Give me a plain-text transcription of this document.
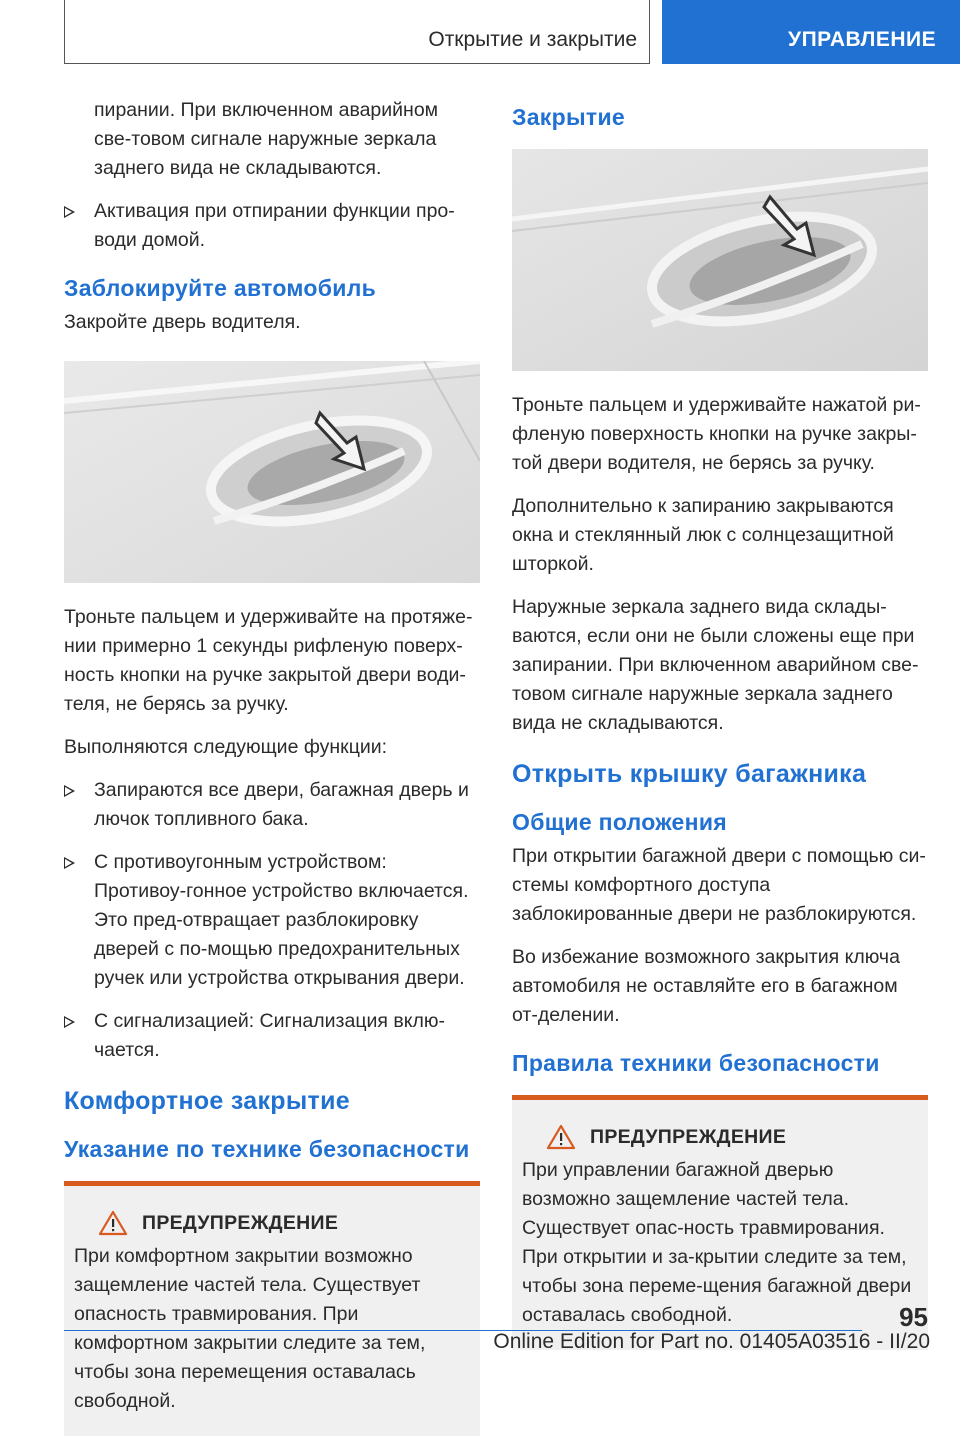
Открытие и закрытие	УПРАВЛЕНИЕ

пирании. При включенном аварийном све-товом сигнале наружные зеркала заднего вида не складываются.

Активация при отпирании функции про-води домой.
Заблокируйте автомобиль

Закройте дверь водителя.

Троньте пальцем и удерживайте на протяже-нии примерно 1 секунды рифленую поверх-ность кнопки на ручке закрытой двери води-теля, не берясь за ручку.

Выполняются следующие функции:

Запираются все двери, багажная дверь и лючок топливного бака.
С противоугонным устройством: Противоу-гонное устройство включается. Это пред-отвращает разблокировку дверей с по-мощью предохранительных ручек или устройства открывания двери.
С сигнализацией: Сигнализация вклю-чается.
Комфортное закрытие
Указание по технике безопасности
ПРЕДУПРЕЖДЕНИЕ

При комфортном закрытии возможно защемление частей тела. Существует опасность травмирования. При комфортном закрытии следите за тем, чтобы зона перемещения оставалась свободной.

Закрытие

Троньте пальцем и удерживайте нажатой ри-фленую поверхность кнопки на ручке закры-той двери водителя, не берясь за ручку.

Дополнительно к запиранию закрываются окна и стеклянный люк с солнцезащитной шторкой.

Наружные зеркала заднего вида склады-ваются, если они не были сложены еще при запирании. При включенном аварийном све-товом сигнале наружные зеркала заднего вида не складываются.

Открыть крышку багажника
Общие положения

При открытии багажной двери с помощью си-стемы комфортного доступа заблокированные двери не разблокируются.

Во избежание возможного закрытия ключа автомобиля не оставляйте его в багажном от-делении.

Правила техники безопасности
ПРЕДУПРЕЖДЕНИЕ

При управлении багажной дверью возможно защемление частей тела. Существует опас-ность травмирования. При открытии и за-крытии следите за тем, чтобы зона переме-щения багажной двери оставалась свободной.	95
Online Edition for Part no. 01405A03516 - II/20
